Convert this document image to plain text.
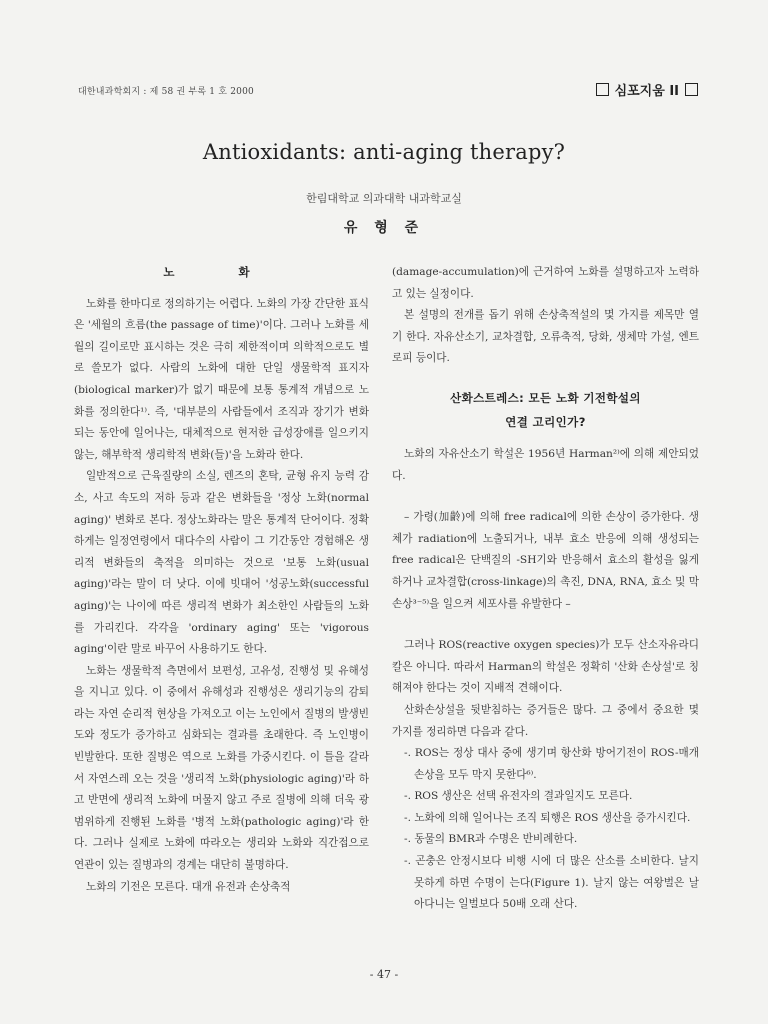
대한내과학회지 : 제 58 권 부록 1 호 2000	심포지움 II
Antioxidants: anti-aging therapy?
한림대학교 의과대학 내과학교실
유 형 준
노 화

노화를 한마디로 정의하기는 어렵다. 노화의 가장 간단한 표식은 '세월의 흐름(the passage of time)'이다. 그러나 노화를 세월의 길이로만 표시하는 것은 극히 제한적이며 의학적으로도 별로 쓸모가 없다. 사람의 노화에 대한 단일 생물학적 표지자(biological marker)가 없기 때문에 보통 통계적 개념으로 노화를 정의한다¹⁾. 즉, '대부분의 사람들에서 조직과 장기가 변화되는 동안에 일어나는, 대체적으로 현저한 급성장애를 일으키지 않는, 해부학적 생리학적 변화(들)'을 노화라 한다.

일반적으로 근육질량의 소실, 렌즈의 혼탁, 균형 유지 능력 감소, 사고 속도의 저하 등과 같은 변화들을 '정상 노화(normal aging)' 변화로 본다. 정상노화라는 말은 통계적 단어이다. 정확하게는 일정연령에서 대다수의 사람이 그 기간동안 경험해온 생리적 변화들의 축적을 의미하는 것으로 '보통 노화(usual aging)'라는 말이 더 낫다. 이에 빗대어 '성공노화(successful aging)'는 나이에 따른 생리적 변화가 최소한인 사람들의 노화를 가리킨다. 각각을 'ordinary aging' 또는 'vigorous aging'이란 말로 바꾸어 사용하기도 한다.

노화는 생물학적 측면에서 보편성, 고유성, 진행성 및 유해성을 지니고 있다. 이 중에서 유해성과 진행성은 생리기능의 감퇴라는 자연 순리적 현상을 가져오고 이는 노인에서 질병의 발생빈도와 정도가 증가하고 심화되는 결과를 초래한다. 즉 노인병이 빈발한다. 또한 질병은 역으로 노화를 가중시킨다. 이 틀을 갈라서 자연스레 오는 것을 '생리적 노화(physiologic aging)'라 하고 반면에 생리적 노화에 머물지 않고 주로 질병에 의해 더욱 광범위하게 진행된 노화를 '병적 노화(pathologic aging)'라 한다. 그러나 실제로 노화에 따라오는 생리와 노화와 직간접으로 연관이 있는 질병과의 경계는 대단히 불명하다.

노화의 기전은 모른다. 대개 유전과 손상축적

(damage-accumulation)에 근거하여 노화를 설명하고자 노력하고 있는 실정이다.

본 설명의 전개를 돕기 위해 손상축적설의 몇 가지를 제목만 열기 한다. 자유산소기, 교차결합, 오류축적, 당화, 생체막 가설, 엔트로피 등이다.

산화스트레스: 모든 노화 기전학설의
연결 고리인가?

노화의 자유산소기 학설은 1956년 Harman²⁾에 의해 제안되었다.

– 가령(加齡)에 의해 free radical에 의한 손상이 증가한다. 생체가 radiation에 노출되거나, 내부 효소 반응에 의해 생성되는 free radical은 단백질의 -SH기와 반응해서 효소의 활성을 잃게 하거나 교차결합(cross-linkage)의 촉진, DNA, RNA, 효소 및 막 손상³⁻⁵⁾을 일으켜 세포사를 유발한다 –

그러나 ROS(reactive oxygen species)가 모두 산소자유라디칼은 아니다. 따라서 Harman의 학설은 정확히 '산화 손상설'로 칭해져야 한다는 것이 지배적 견해이다.

산화손상설을 뒷받침하는 증거들은 많다. 그 중에서 중요한 몇 가지를 정리하면 다음과 같다.

-. ROS는 정상 대사 중에 생기며 항산화 방어기전이 ROS-매개 손상을 모두 막지 못한다⁶⁾.

-. ROS 생산은 선택 유전자의 결과일지도 모른다.

-. 노화에 의해 일어나는 조직 퇴행은 ROS 생산을 증가시킨다.

-. 동물의 BMR과 수명은 반비례한다.

-. 곤충은 안정시보다 비행 시에 더 많은 산소를 소비한다. 날지 못하게 하면 수명이 는다(Figure 1). 날지 않는 여왕벌은 날아다니는 일벌보다 50배 오래 산다.

- 47 -
